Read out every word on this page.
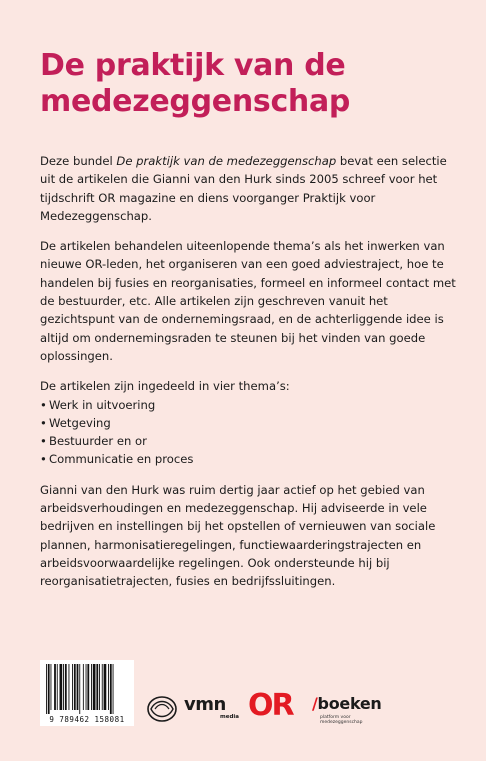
De praktijk van de medezeggenschap

Deze bundel De praktijk van de medezeggenschap bevat een selectie uit de artikelen die Gianni van den Hurk sinds 2005 schreef voor het tijdschrift OR magazine en diens voorganger Praktijk voor Medezeggenschap.

De artikelen behandelen uiteenlopende thema’s als het inwerken van nieuwe OR-leden, het organiseren van een goed adviestraject, hoe te handelen bij fusies en reorganisaties, formeel en informeel contact met de bestuurder, etc. Alle artikelen zijn geschreven vanuit het gezichtspunt van de ondernemingsraad, en de achterliggende idee is altijd om ondernemingsraden te steunen bij het vinden van goede oplossingen.

De artikelen zijn ingedeeld in vier thema’s:

• Werk in uitvoering
• Wetgeving
• Bestuurder en or
• Communicatie en proces

Gianni van den Hurk was ruim dertig jaar actief op het gebied van arbeidsverhoudingen en medezeggenschap. Hij adviseerde in vele bedrijven en instellingen bij het opstellen of vernieuwen van sociale plannen, harmonisatieregelingen, functiewaarderingstrajecten en arbeidsvoorwaardelijke regelingen. Ook ondersteunde hij bij reorganisatietrajecten, fusies en bedrijfssluitingen.

9 789462 158081
vmn
media OR /boeken
platform voor medezeggenschap
